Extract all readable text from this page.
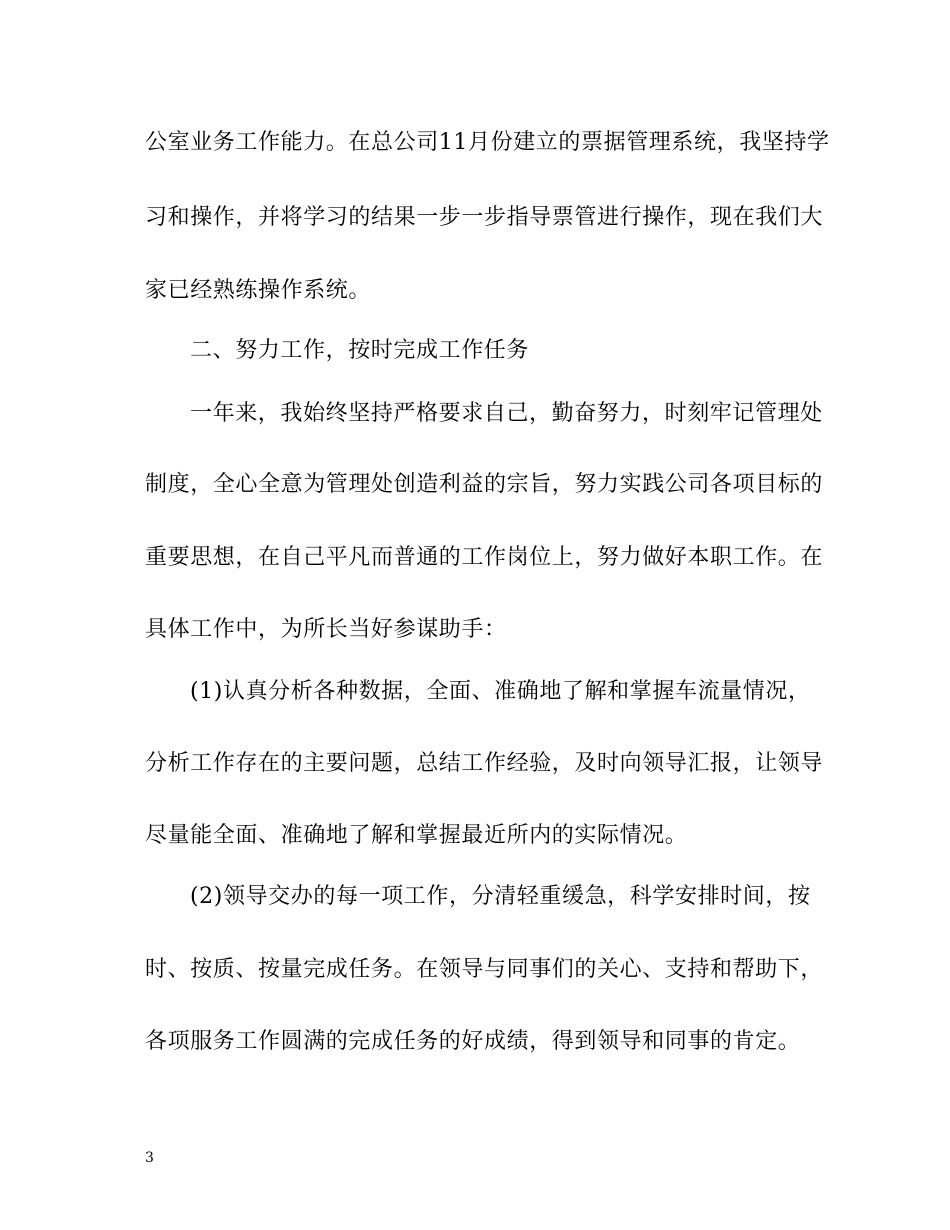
公室业务工作能力。在总公司11月份建立的票据管理系统，我坚持学
习和操作，并将学习的结果一步一步指导票管进行操作，现在我们大
家已经熟练操作系统。
二、努力工作，按时完成工作任务
一年来，我始终坚持严格要求自己，勤奋努力，时刻牢记管理处
制度，全心全意为管理处创造利益的宗旨，努力实践公司各项目标的
重要思想，在自己平凡而普通的工作岗位上，努力做好本职工作。在
具体工作中，为所长当好参谋助手：
(1)认真分析各种数据，全面、准确地了解和掌握车流量情况，
分析工作存在的主要问题，总结工作经验，及时向领导汇报，让领导
尽量能全面、准确地了解和掌握最近所内的实际情况。
(2)领导交办的每一项工作，分清轻重缓急，科学安排时间，按
时、按质、按量完成任务。在领导与同事们的关心、支持和帮助下，
各项服务工作圆满的完成任务的好成绩，得到领导和同事的肯定。
3
